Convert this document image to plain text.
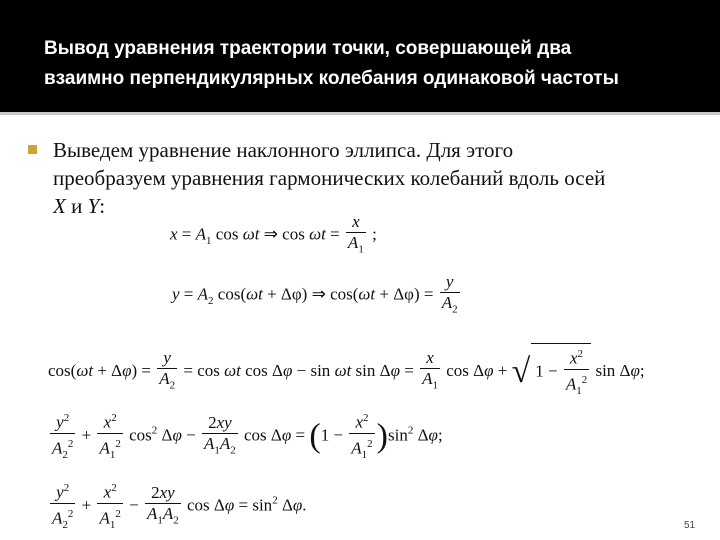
Вывод уравнения траектории точки, совершающей два
взаимно перпендикулярных колебания одинаковой частоты
Выведем уравнение наклонного эллипса. Для этого
преобразуем уравнения гармонических колебаний вдоль осей
X и Y:
$x = A_1$ cos ωt ⇒ $\cos \omega t = \frac{x}{A_1}$ ;
$y = A_2$ cos(ωt + Δφ) ⇒ $\cos(\omega t + \Delta\varphi) = \frac{y}{A_2}$
$\cos(\omega t + \Delta\varphi) = \frac{y}{A_2} = \cos \omega t$ cos Δφ − sin ωt $\sin \Delta\varphi = \frac{x}{A_1}$ cos Δφ + √ $1 - \frac{x^2}{A_1^2}$ sin Δφ;
$\frac{y^2}{A_2^2} + \frac{x^2}{A_1^2} \cos^2 \Delta\varphi - \frac{2xy}{A_1A_2}$ $\cos \Delta\varphi = (1 - \frac{x^2}{A_1^2} )\sin^2$ Δφ;
$\frac{y^2}{A_2^2} + \frac{x^2}{A_1^2} - \frac{2xy}{A_1A_2}$ $\cos \Delta\varphi = \sin^2 \Delta\varphi$.
51
